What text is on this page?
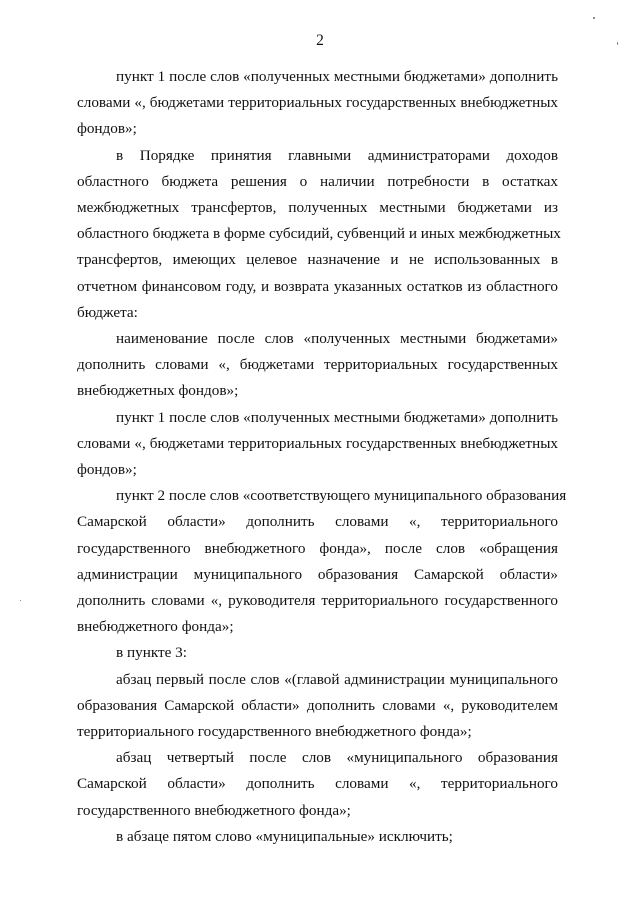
2
пункт 1 после слов «полученных местными бюджетами» дополнить
словами «, бюджетами территориальных государственных внебюджетных
фондов»;
в Порядке принятия главными администраторами доходов
областного бюджета решения о наличии потребности в остатках
межбюджетных трансфертов, полученных местными бюджетами из
областного бюджета в форме субсидий, субвенций и иных межбюджетных
трансфертов, имеющих целевое назначение и не использованных в
отчетном финансовом году, и возврата указанных остатков из областного
бюджета:
наименование после слов «полученных местными бюджетами»
дополнить словами «, бюджетами территориальных государственных
внебюджетных фондов»;
пункт 1 после слов «полученных местными бюджетами» дополнить
словами «, бюджетами территориальных государственных внебюджетных
фондов»;
пункт 2 после слов «соответствующего муниципального образования
Самарской области» дополнить словами «, территориального
государственного внебюджетного фонда», после слов «обращения
администрации муниципального образования Самарской области»
дополнить словами «, руководителя территориального государственного
внебюджетного фонда»;
в пункте 3:
абзац первый после слов «(главой администрации муниципального
образования Самарской области» дополнить словами «, руководителем
территориального государственного внебюджетного фонда»;
абзац четвертый после слов «муниципального образования
Самарской области» дополнить словами «, территориального
государственного внебюджетного фонда»;
в абзаце пятом слово «муниципальные» исключить;
